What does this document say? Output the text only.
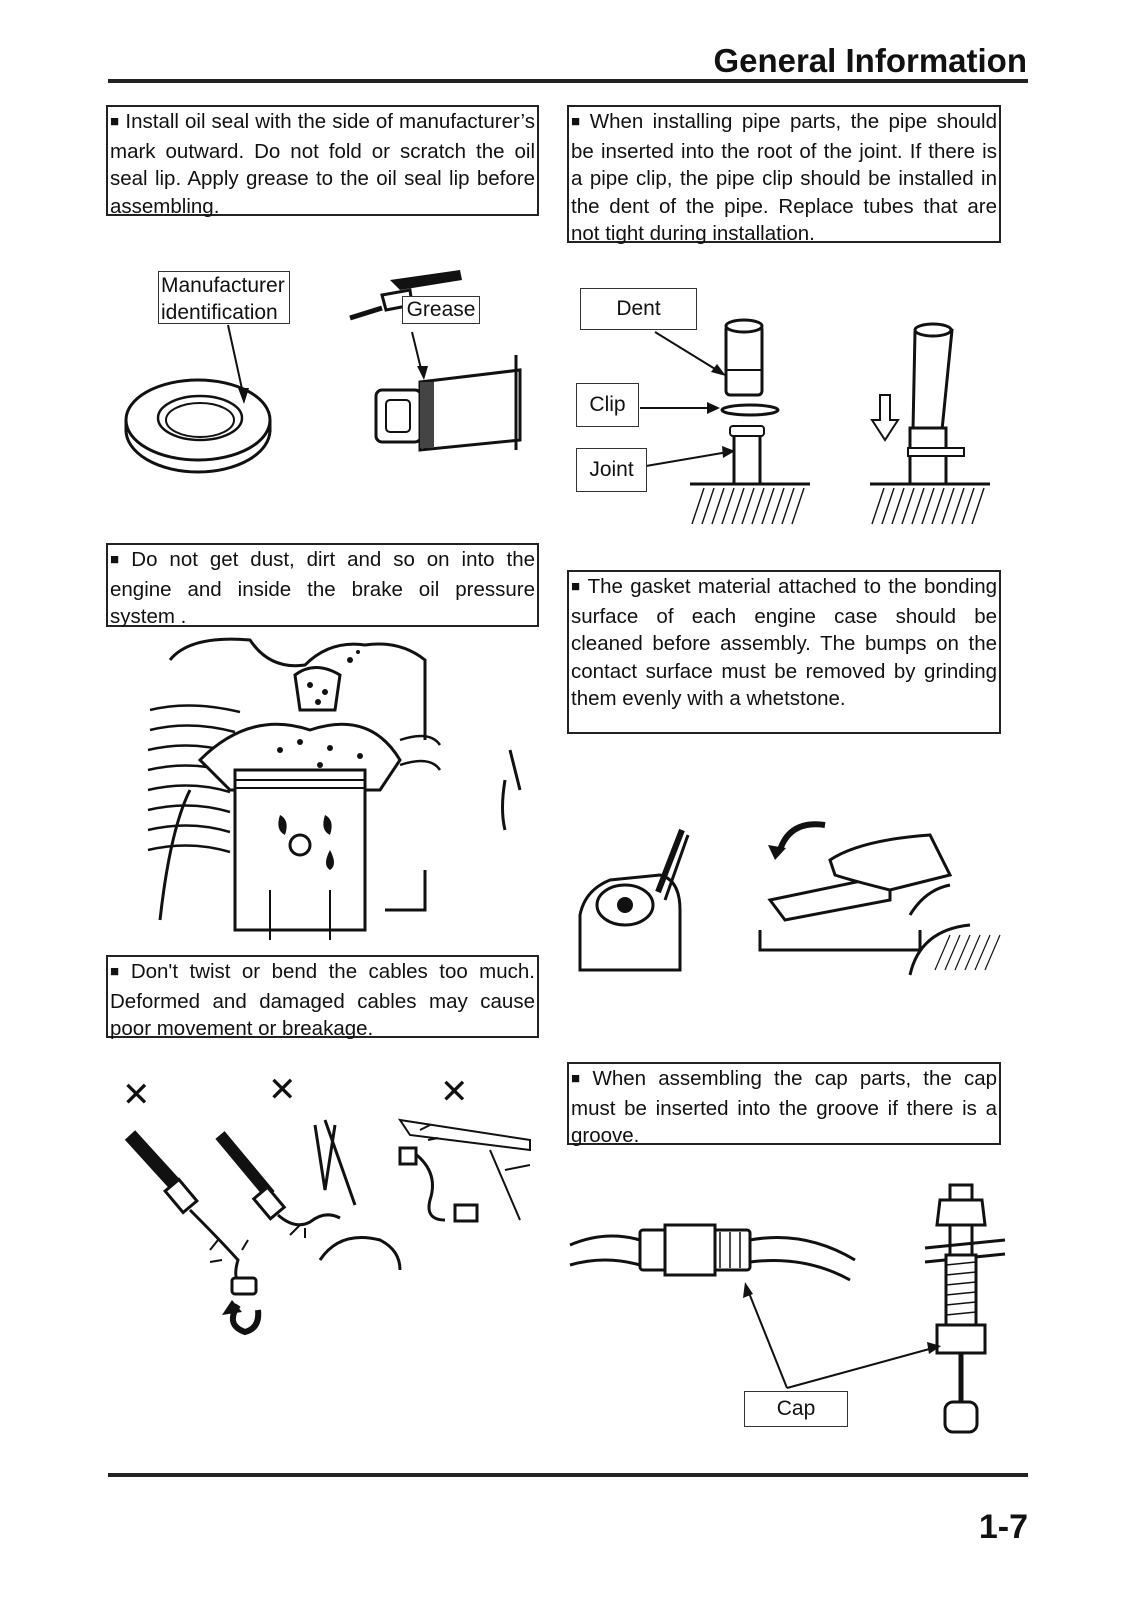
General Information
■ Install oil seal with the side of manufacturer’s mark outward. Do not fold or scratch the oil seal lip. Apply grease to the oil seal lip before assembling.
■ When installing pipe parts, the pipe should be inserted into the root of the joint. If there is a pipe clip, the pipe clip should be installed in the dent of the pipe. Replace tubes that are not tight during installation.
Manufacturer
identification	Grease	Dent
Clip
Joint
■ Do not get dust, dirt and so on into the engine and inside the brake oil pressure system .
■ The gasket material attached to the bonding surface of each engine case should be cleaned before assembly. The bumps on the contact surface must be removed by grinding them evenly with a whetstone.
■ Don't twist or bend the cables too much. Deformed and damaged cables may cause poor movement or breakage.
■ When assembling the cap parts, the cap must be inserted into the groove if there is a groove.
✕	✕	✕
Cap
1-7
